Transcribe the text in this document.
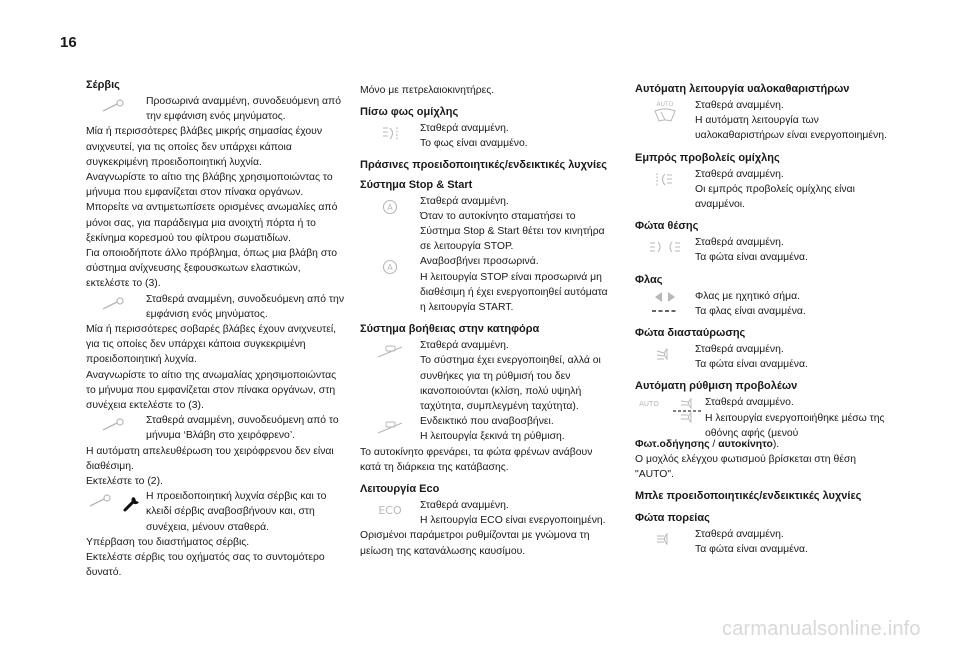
16
Σέρβις

Προσωρινά αναμμένη, συνοδευόμενη από την εμφάνιση ενός μηνύματος.

Μία ή περισσότερες βλάβες μικρής σημασίας έχουν ανιχνευτεί, για τις οποίες δεν υπάρχει κάποια συγκεκριμένη προειδοποιητική λυχνία.

Αναγνωρίστε το αίτιο της βλάβης χρησιμοποιώντας το μήνυμα που εμφανίζεται στον πίνακα οργάνων.

Μπορείτε να αντιμετωπίσετε ορισμένες ανωμαλίες από μόνοι σας, για παράδειγμα μια ανοιχτή πόρτα ή το ξεκίνημα κορεσμού του φίλτρου σωματιδίων.

Για οποιοδήποτε άλλο πρόβλημα, όπως μια βλάβη στο σύστημα ανίχνευσης ξεφουσκωτων ελαστικών, εκτελέστε το (3).

Σταθερά αναμμένη, συνοδευόμενη από την εμφάνιση ενός μηνύματος.

Μία ή περισσότερες σοβαρές βλάβες έχουν ανιχνευτεί, για τις οποίες δεν υπάρχει κάποια συγκεκριμένη προειδοποιητική λυχνία.

Αναγνωρίστε το αίτιο της ανωμαλίας χρησιμοποιώντας το μήνυμα που εμφανίζεται στον πίνακα οργάνων, στη συνέχεια εκτελέστε το (3).

Σταθερά αναμμένη, συνοδευόμενη από το μήνυμα ‘Βλάβη στο χειρόφρενο’.

Η αυτόματη απελευθέρωση του χειρόφρενου δεν είναι διαθέσιμη.

Εκτελέστε το (2).

Η προειδοποιητική λυχνία σέρβις και το κλειδί σέρβις αναβοσβήνουν και, στη συνέχεια, μένουν σταθερά.

Υπέρβαση του διαστήματος σέρβις.

Εκτελέστε σέρβις του οχήματός σας το συντομότερο δυνατό.

Μόνο με πετρελαιοκινητήρες.

Πίσω φως ομίχλης

Σταθερά αναμμένη.

Το φως είναι αναμμένο.

Πράσινες προειδοποιητικές/ενδεικτικές λυχνίες
Σύστημα Stop & Start
A

Σταθερά αναμμένη.

Όταν το αυτοκίνητο σταματήσει το Σύστημα Stop & Start θέτει τον κινητήρα σε λειτουργία STOP.

A

Αναβοσβήνει προσωρινά.

Η λειτουργία STOP είναι προσωρινά μη διαθέσιμη ή έχει ενεργοποιηθεί αυτόματα η λειτουργία START.

Σύστημα βοήθειας στην κατηφόρα

Σταθερά αναμμένη.

Το σύστημα έχει ενεργοποιηθεί, αλλά οι συνθήκες για τη ρύθμισή του δεν ικανοποιούνται (κλίση, πολύ υψηλή ταχύτητα, συμπλεγμένη ταχύτητα).

Ενδεικτικό που αναβοσβήνει.

Η λειτουργία ξεκινά τη ρύθμιση.

Το αυτοκίνητο φρενάρει, τα φώτα φρένων ανάβουν κατά τη διάρκεια της κατάβασης.

Λειτουργία Eco
ECO Σταθερά αναμμένη.

Η λειτουργία ECO είναι ενεργοποιημένη.

Ορισμένοι παράμετροι ρυθμίζονται με γνώμονα τη μείωση της κατανάλωσης καυσίμου.

Αυτόματη λειτουργία υαλοκαθαριστήρων
AUTO Σταθερά αναμμένη.

Η αυτόματη λειτουργία των υαλοκαθαριστήρων είναι ενεργοποιημένη.

Εμπρός προβολείς ομίχλης

Σταθερά αναμμένη.

Οι εμπρός προβολείς ομίχλης είναι αναμμένοι.

Φώτα θέσης

Σταθερά αναμμένη.

Τα φώτα είναι αναμμένα.

Φλας

Φλας με ηχητικό σήμα.

Τα φλας είναι αναμμένα.

Φώτα διασταύρωσης

Σταθερά αναμμένη.

Τα φώτα είναι αναμμένα.

Αυτόματη ρύθμιση προβολέων
AUTO	Σταθερά αναμμένο.

Η λειτουργία ενεργοποιήθηκε μέσω της οθόνης αφής (μενού

Φωτ.οδήγησης / αυτοκίνητο).

Ο μοχλός ελέγχου φωτισμού βρίσκεται στη θέση "AUTO".

Μπλε προειδοποιητικές/ενδεικτικές λυχνίες
Φώτα πορείας

Σταθερά αναμμένη.

Τα φώτα είναι αναμμένα.

carmanualsonline.info
